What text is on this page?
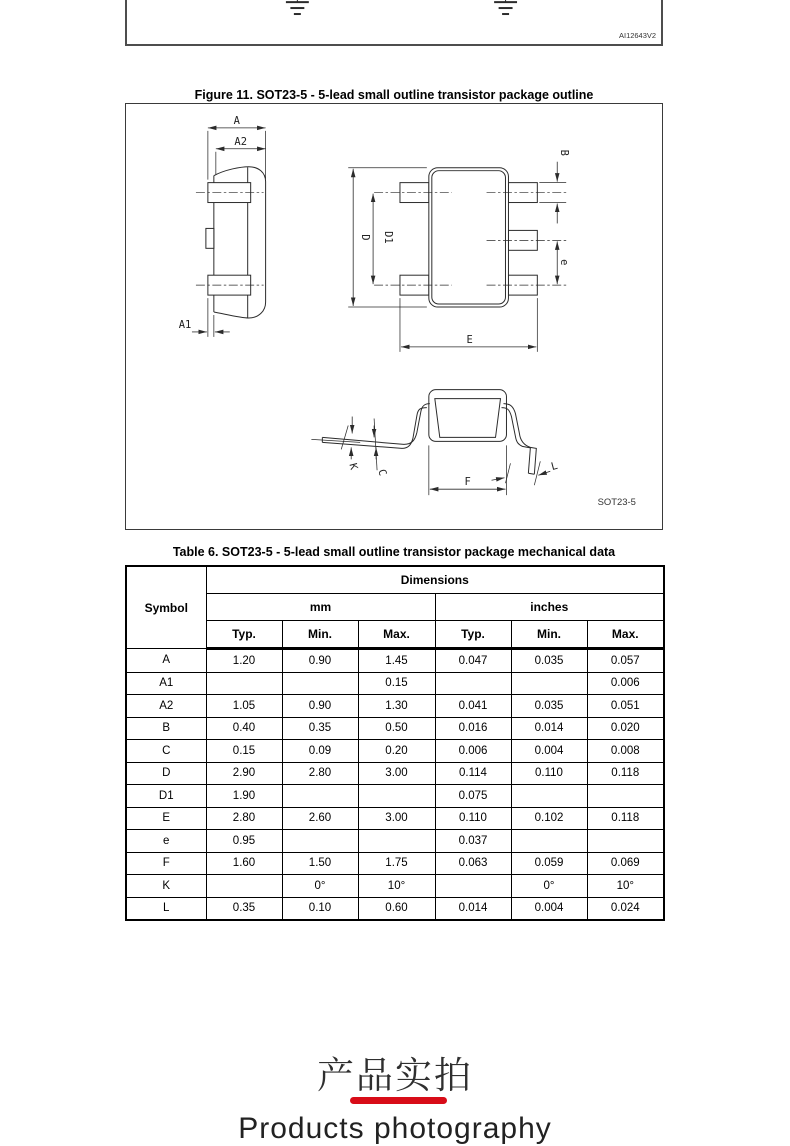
AI12643V2
Figure 11. SOT23-5 - 5-lead small outline transistor package outline
A
A2
A1
D D1
B
e
E
K
C	L
F
SOT23-5
Table 6. SOT23-5 - 5-lead small outline transistor package mechanical data
Symbol	Dimensions					
	mm			inches		
	Typ.	Min.	Max.	Typ.	Min.	Max.
A	1.20	0.90	1.45	0.047	0.035	0.057
A1			0.15			0.006
A2	1.05	0.90	1.30	0.041	0.035	0.051
B	0.40	0.35	0.50	0.016	0.014	0.020
C	0.15	0.09	0.20	0.006	0.004	0.008
D	2.90	2.80	3.00	0.114	0.110	0.118
D1	1.90			0.075		
E	2.80	2.60	3.00	0.110	0.102	0.118
e	0.95			0.037		
F	1.60	1.50	1.75	0.063	0.059	0.069
K		0°	10°		0°	10°
L	0.35	0.10	0.60	0.014	0.004	0.024
产品实拍
Products photography
